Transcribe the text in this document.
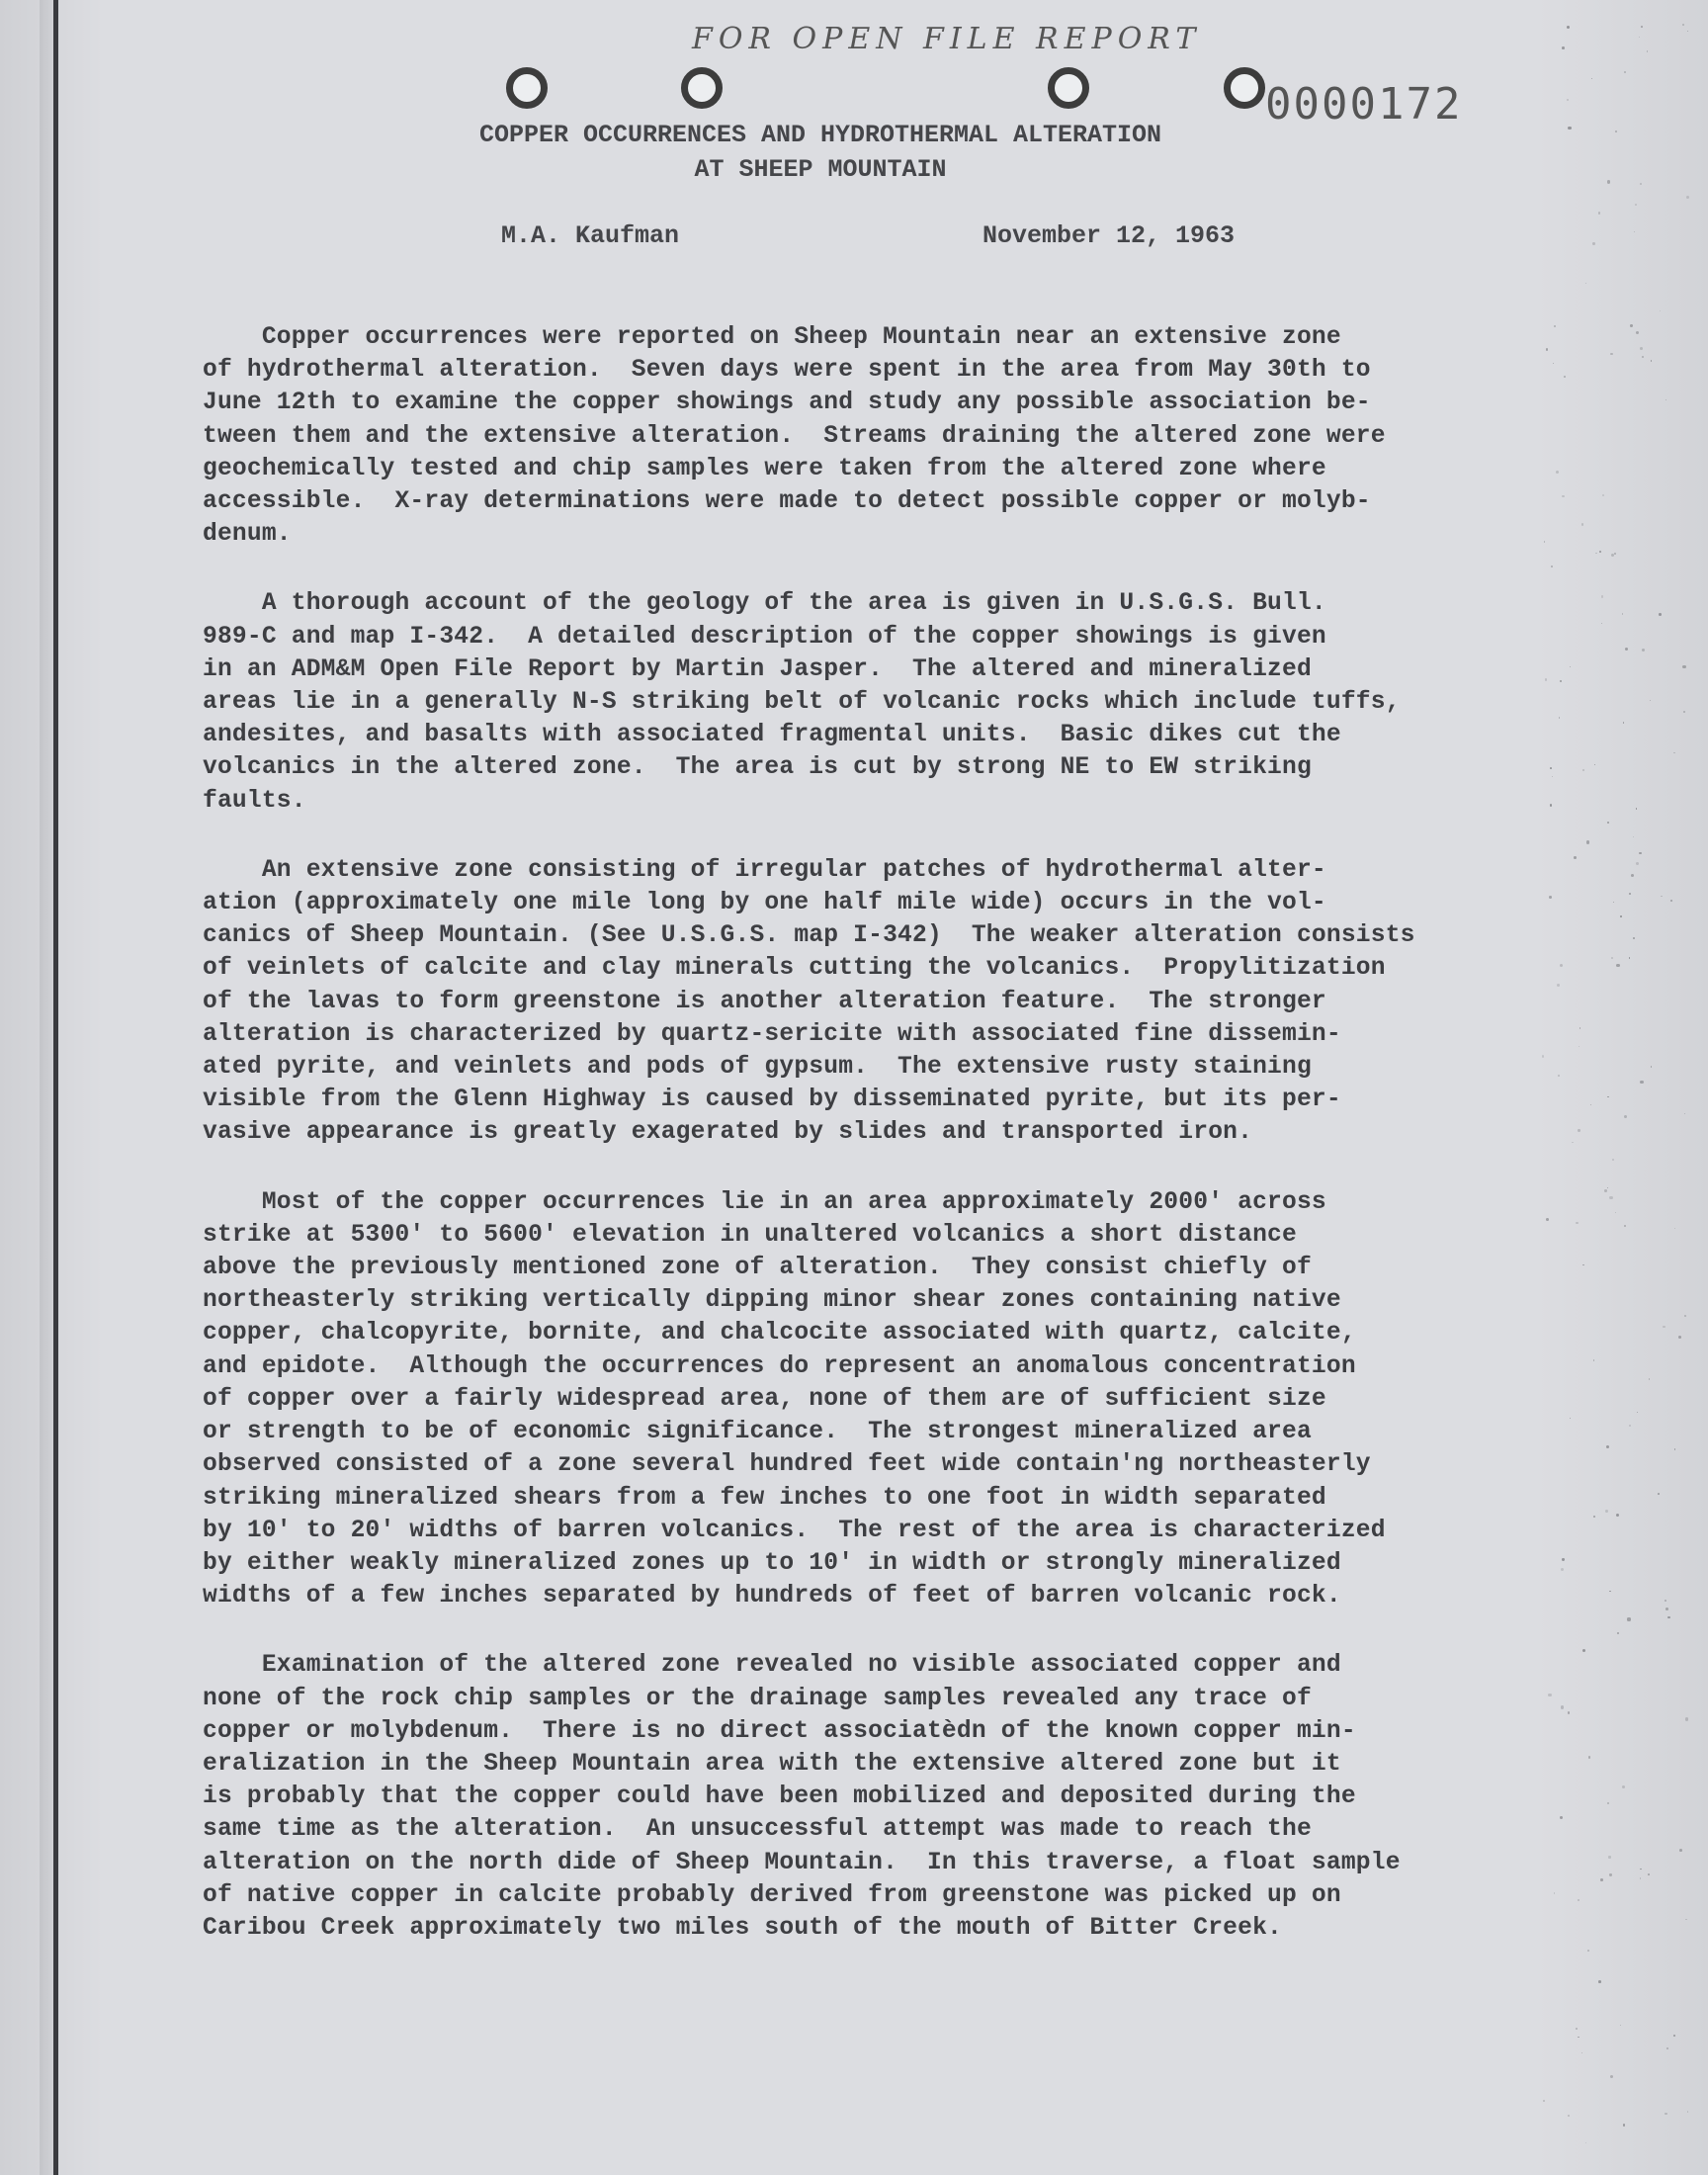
FOR OPEN FILE REPORT
0000172
COPPER OCCURRENCES AND HYDROTHERMAL ALTERATION
AT SHEEP MOUNTAIN
M.A. Kaufman	November 12, 1963

Copper occurrences were reported on Sheep Mountain near an extensive zone
of hydrothermal alteration.  Seven days were spent in the area from May 30th to
June 12th to examine the copper showings and study any possible association be-
tween them and the extensive alteration.  Streams draining the altered zone were
geochemically tested and chip samples were taken from the altered zone where
accessible.  X-ray determinations were made to detect possible copper or molyb-
denum.

A thorough account of the geology of the area is given in U.S.G.S. Bull.
989-C and map I-342.  A detailed description of the copper showings is given
in an ADM&M Open File Report by Martin Jasper.  The altered and mineralized
areas lie in a generally N-S striking belt of volcanic rocks which include tuffs,
andesites, and basalts with associated fragmental units.  Basic dikes cut the
volcanics in the altered zone.  The area is cut by strong NE to EW striking
faults.

An extensive zone consisting of irregular patches of hydrothermal alter-
ation (approximately one mile long by one half mile wide) occurs in the vol-
canics of Sheep Mountain. (See U.S.G.S. map I-342)  The weaker alteration consists
of veinlets of calcite and clay minerals cutting the volcanics.  Propylitization
of the lavas to form greenstone is another alteration feature.  The stronger
alteration is characterized by quartz-sericite with associated fine dissemin-
ated pyrite, and veinlets and pods of gypsum.  The extensive rusty staining
visible from the Glenn Highway is caused by disseminated pyrite, but its per-
vasive appearance is greatly exagerated by slides and transported iron.

Most of the copper occurrences lie in an area approximately 2000' across
strike at 5300' to 5600' elevation in unaltered volcanics a short distance
above the previously mentioned zone of alteration.  They consist chiefly of
northeasterly striking vertically dipping minor shear zones containing native
copper, chalcopyrite, bornite, and chalcocite associated with quartz, calcite,
and epidote.  Although the occurrences do represent an anomalous concentration
of copper over a fairly widespread area, none of them are of sufficient size
or strength to be of economic significance.  The strongest mineralized area
observed consisted of a zone several hundred feet wide contain'ng northeasterly
striking mineralized shears from a few inches to one foot in width separated
by 10' to 20' widths of barren volcanics.  The rest of the area is characterized
by either weakly mineralized zones up to 10' in width or strongly mineralized
widths of a few inches separated by hundreds of feet of barren volcanic rock.

Examination of the altered zone revealed no visible associated copper and
none of the rock chip samples or the drainage samples revealed any trace of
copper or molybdenum.  There is no direct associatèdn of the known copper min-
eralization in the Sheep Mountain area with the extensive altered zone but it
is probably that the copper could have been mobilized and deposited during the
same time as the alteration.  An unsuccessful attempt was made to reach the
alteration on the north dide of Sheep Mountain.  In this traverse, a float sample
of native copper in calcite probably derived from greenstone was picked up on
Caribou Creek approximately two miles south of the mouth of Bitter Creek.
